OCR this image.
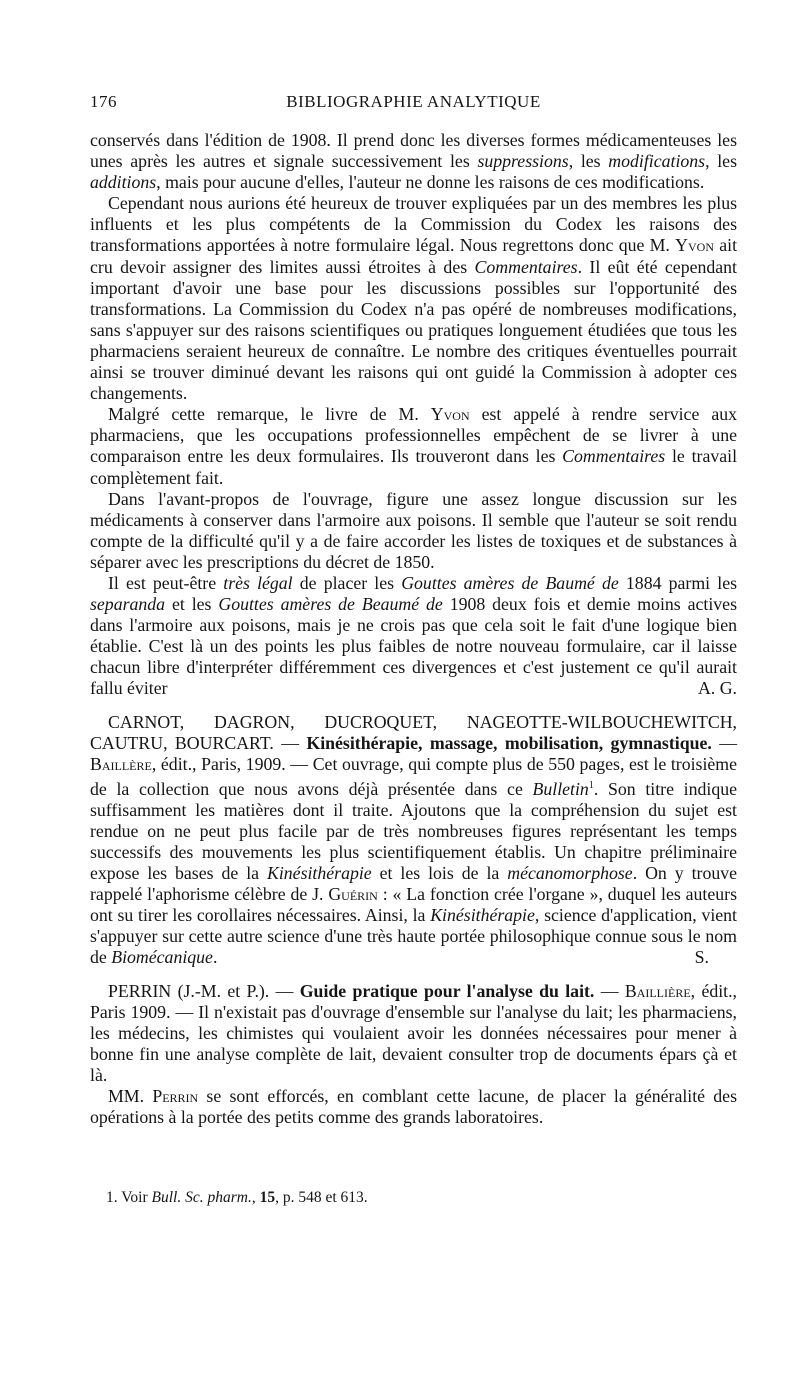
176	BIBLIOGRAPHIE ANALYTIQUE

conservés dans l'édition de 1908. Il prend donc les diverses formes médicamenteuses les unes après les autres et signale successivement les suppressions, les modifications, les additions, mais pour aucune d'elles, l'auteur ne donne les raisons de ces modifications.

Cependant nous aurions été heureux de trouver expliquées par un des membres les plus influents et les plus compétents de la Commission du Codex les raisons des transformations apportées à notre formulaire légal. Nous regrettons donc que M. Yvon ait cru devoir assigner des limites aussi étroites à des Commentaires. Il eût été cependant important d'avoir une base pour les discussions possibles sur l'opportunité des transformations. La Commission du Codex n'a pas opéré de nombreuses modifications, sans s'appuyer sur des raisons scientifiques ou pratiques longuement étudiées que tous les pharmaciens seraient heureux de connaître. Le nombre des critiques éventuelles pourrait ainsi se trouver diminué devant les raisons qui ont guidé la Commission à adopter ces changements.

Malgré cette remarque, le livre de M. Yvon est appelé à rendre service aux pharmaciens, que les occupations professionnelles empêchent de se livrer à une comparaison entre les deux formulaires. Ils trouveront dans les Commentaires le travail complètement fait.

Dans l'avant-propos de l'ouvrage, figure une assez longue discussion sur les médicaments à conserver dans l'armoire aux poisons. Il semble que l'auteur se soit rendu compte de la difficulté qu'il y a de faire accorder les listes de toxiques et de substances à séparer avec les prescriptions du décret de 1850.

Il est peut-être très légal de placer les Gouttes amères de Baumé de 1884 parmi les separanda et les Gouttes amères de Beaumé de 1908 deux fois et demie moins actives dans l'armoire aux poisons, mais je ne crois pas que cela soit le fait d'une logique bien établie. C'est là un des points les plus faibles de notre nouveau formulaire, car il laisse chacun libre d'interpréter différemment ces divergences et c'est justement ce qu'il aurait fallu éviter	A. G.

CARNOT, DAGRON, DUCROQUET, NAGEOTTE-WILBOUCHEWITCH, CAUTRU, BOURCART. — Kinésithérapie, massage, mobilisation, gymnastique. — Baillère, édit., Paris, 1909. — Cet ouvrage, qui compte plus de 550 pages, est le troisième de la collection que nous avons déjà présentée dans ce Bulletin$^1$. Son titre indique suffisamment les matières dont il traite. Ajoutons que la compréhension du sujet est rendue on ne peut plus facile par de très nombreuses figures représentant les temps successifs des mouvements les plus scientifiquement établis. Un chapitre préliminaire expose les bases de la Kinésithérapie et les lois de la mécanomorphose. On y trouve rappelé l'aphorisme célèbre de J. Guérin : « La fonction crée l'organe », duquel les auteurs ont su tirer les corollaires nécessaires. Ainsi, la Kinésithérapie, science d'application, vient s'appuyer sur cette autre science d'une très haute portée philosophique connue sous le nom de Biomécanique.	S.

PERRIN (J.-M. et P.). — Guide pratique pour l'analyse du lait. — Baillière, édit., Paris 1909. — Il n'existait pas d'ouvrage d'ensemble sur l'analyse du lait; les pharmaciens, les médecins, les chimistes qui voulaient avoir les données nécessaires pour mener à bonne fin une analyse complète de lait, devaient consulter trop de documents épars çà et là.

MM. Perrin se sont efforcés, en comblant cette lacune, de placer la généralité des opérations à la portée des petits comme des grands laboratoires.

1. Voir Bull. Sc. pharm., 15, p. 548 et 613.
